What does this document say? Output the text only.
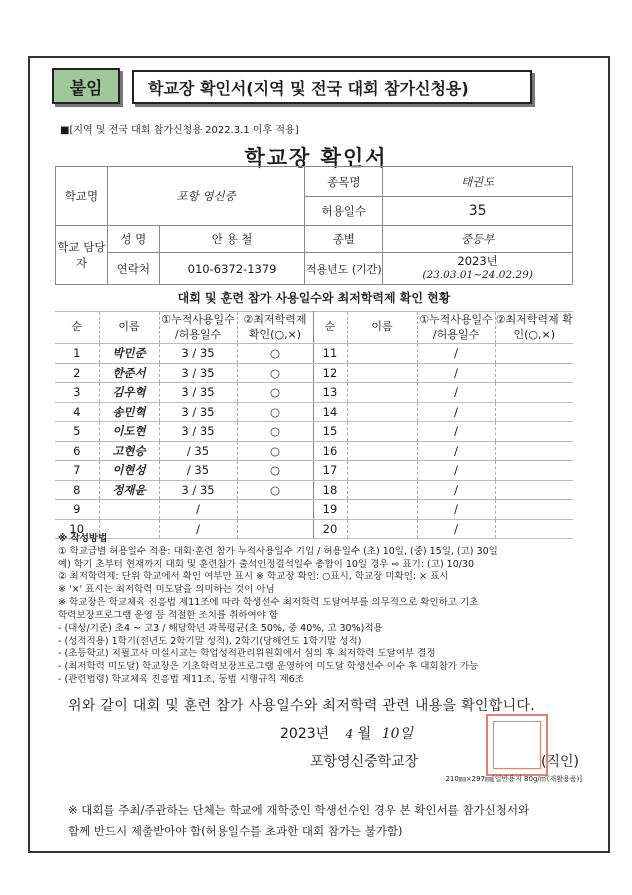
붙임	학교장 확인서(지역 및 전국 대회 참가신청용)
■[지역 및 전국 대회 참가신청용 2022.3.1 이후 적용]
학교장 확인서
학교명	포항 영신중		종목명	태권도
			허용일수	35
학교 담당자	성 명	안 용 철	종별	중등부
	연락처	010-6372-1379	적용년도 (기간)	2023년
(23.03.01~24.02.29)
대회 및 훈련 참가 사용일수와 최저학력제 확인 현황
순	이름	①누적사용일수 /허용일수	②최저학력제 확인(○,×)	순	이름	①누적사용일수 /허용일수	②최저학력제 확인(○,×)
1	박민준	3 / 35	○	11		/	
2	한준서	3 / 35	○	12		/	
3	김우혁	3 / 35	○	13		/	
4	송민혁	3 / 35	○	14		/	
5	이도현	3 / 35	○	15		/	
6	고현승	/ 35	○	16		/	
7	이현성	/ 35	○	17		/	
8	정재윤	3 / 35	○	18		/	
9		/		19		/	
10		/		20		/	
※ 작성방법
① 학교급별 허용일수 적용: 대회·훈련 참가 누적사용일수 기입 / 허용일수 (초) 10일, (중) 15일, (고) 30일
예) 학기 초부터 현재까지 대회 및 훈련참가 출석인정결석일수 총합이 10일 경우 ⇨ 표기: (고) 10/30
② 최저학력제: 단위 학교에서 확인 여부만 표시 ※ 학교장 확인: ○표시, 학교장 미확인: × 표시
※ '×' 표시는 최저학력 미도달을 의미하는 것이 아님
※ 학교장은 학교체육 진흥법 제11조에 따라 학생선수 최저학력 도달여부를 의무적으로 확인하고 기초
학력보장프로그램 운영 등 적절한 조치를 취하여야 함
- (대상/기준) 초4 ~ 고3 / 해당학년 과목평균(초 50%, 중 40%, 고 30%)적용
- (성적적용) 1학기(전년도 2학기말 성적), 2학기(당해연도 1학기말 성적)
- (초등학교) 지필고사 미실시교는 학업성적관리위원회에서 심의 후 최저학력 도달여부 결정
- (최저학력 미도달) 학교장은 기초학력보장프로그램 운영하여 미도달 학생선수 이수 후 대회참가 가능
- (관련법령) 학교체육 진흥법 제11조, 동법 시행규칙 제6조
위와 같이 대회 및 훈련 참가 사용일수와 최저학력 관련 내용을 확인합니다.
2023년 4 월 10일
포항영신중학교장	(직인)
210㎜×297㎜[일반용지 80g/㎡(재활용품)]
※ 대회를 주최/주관하는 단체는 학교에 재학중인 학생선수인 경우 본 확인서를 참가신청서와
함께 반드시 제출받아야 함(허용일수를 초과한 대회 참가는 불가함)
